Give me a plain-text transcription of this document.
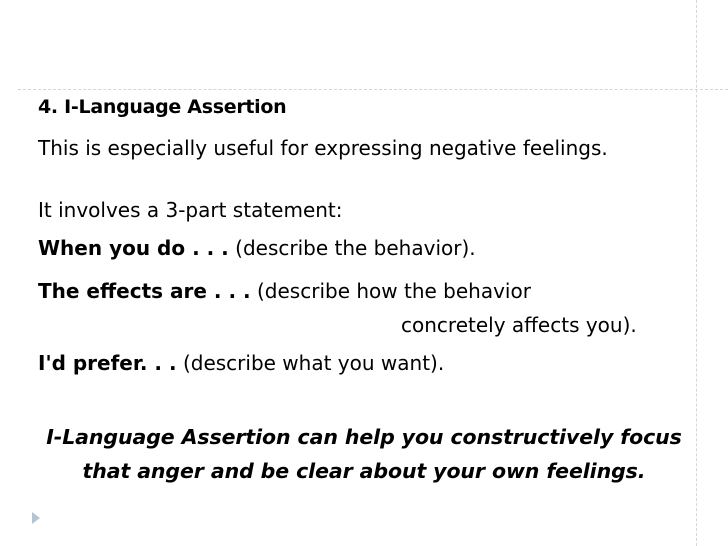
4. I-Language Assertion
This is especially useful for expressing negative feelings.
It involves a 3-part statement:
When you do . . . (describe the behavior).
The effects are . . . (describe how the behavior
concretely affects you).
I'd prefer. . . (describe what you want).
I-Language Assertion can help you constructively focus
that anger and be clear about your own feelings.
